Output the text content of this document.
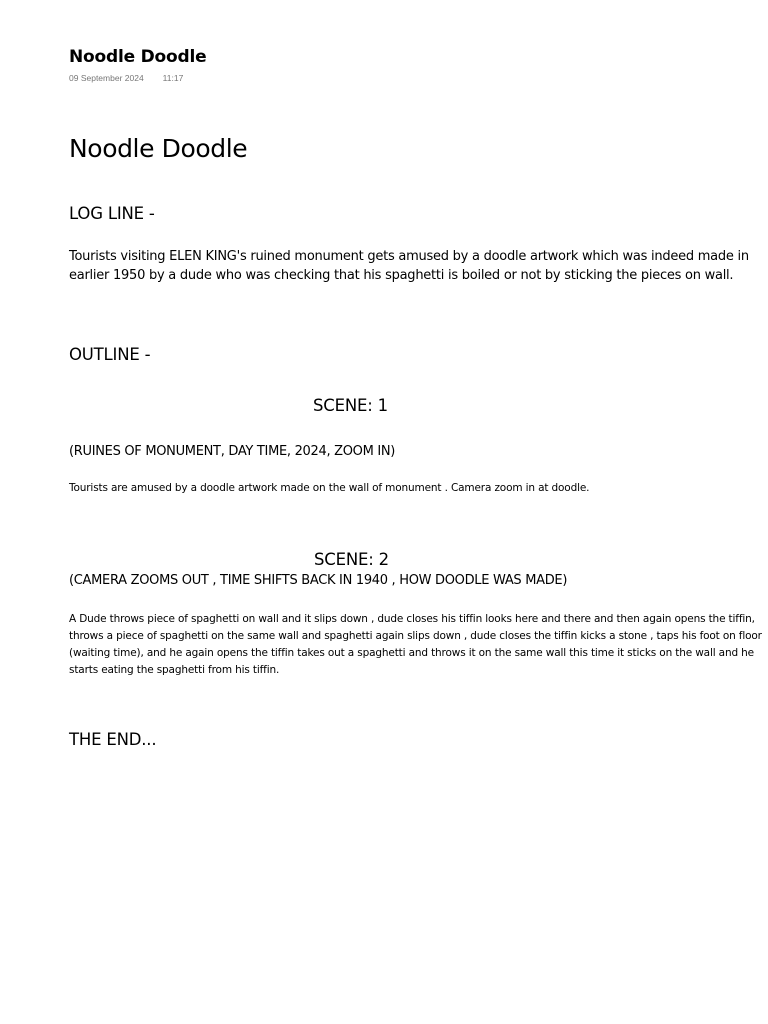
Noodle Doodle
09 September 2024 11:17
Noodle Doodle
LOG LINE -

Tourists visiting ELEN KING's ruined monument gets amused by a doodle artwork which was indeed made in earlier 1950 by a dude who was checking that his spaghetti is boiled or not by sticking the pieces on wall.

OUTLINE -
SCENE: 1

(RUINES OF MONUMENT, DAY TIME, 2024, ZOOM IN)

Tourists are amused by a doodle artwork made on the wall of monument . Camera zoom in at doodle.

SCENE: 2

(CAMERA ZOOMS OUT , TIME SHIFTS BACK IN 1940 , HOW DOODLE WAS MADE)

A Dude throws piece of spaghetti on wall and it slips down , dude closes his tiffin looks here and there and then again opens the tiffin, throws a piece of spaghetti on the same wall and spaghetti again slips down , dude closes the tiffin kicks a stone , taps his foot on floor (waiting time), and he again opens the tiffin takes out a spaghetti and throws it on the same wall this time it sticks on the wall and he starts eating the spaghetti from his tiffin.

THE END...
